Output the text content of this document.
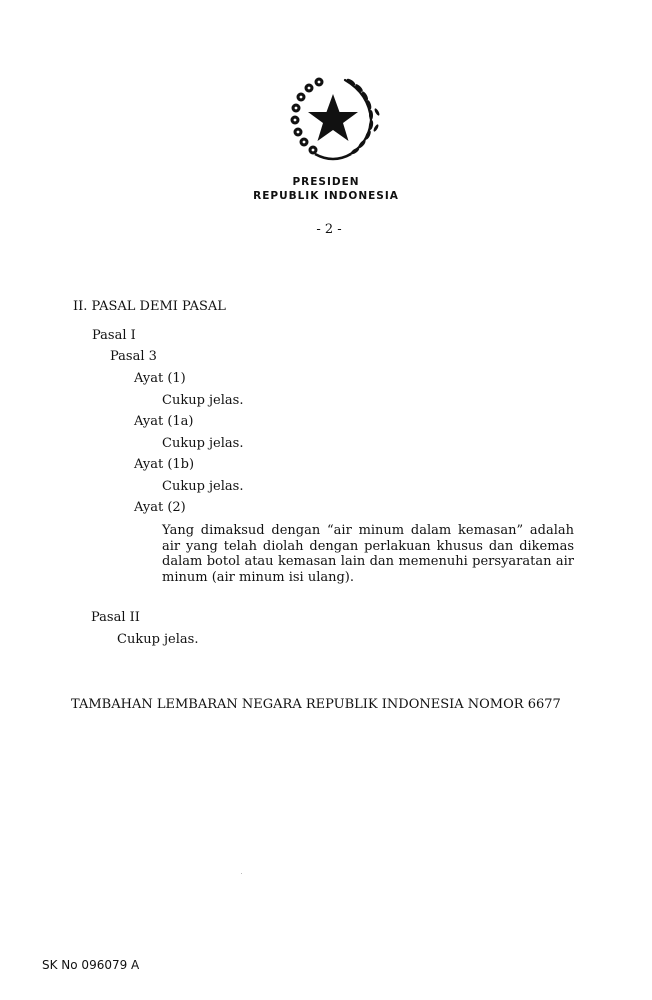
PRESIDEN
REPUBLIK INDONESIA
- 2 -
II. PASAL DEMI PASAL
Pasal I
Pasal 3
Ayat (1)
Cukup jelas.
Ayat (1a)
Cukup jelas.
Ayat (1b)
Cukup jelas.
Ayat (2)
Yang dimaksud dengan “air minum dalam kemasan” adalah air yang telah diolah dengan perlakuan khusus dan dikemas dalam botol atau kemasan lain dan memenuhi persyaratan air minum (air minum isi ulang).
Pasal II
Cukup jelas.
TAMBAHAN LEMBARAN NEGARA REPUBLIK INDONESIA NOMOR 6677
SK No 096079 A
